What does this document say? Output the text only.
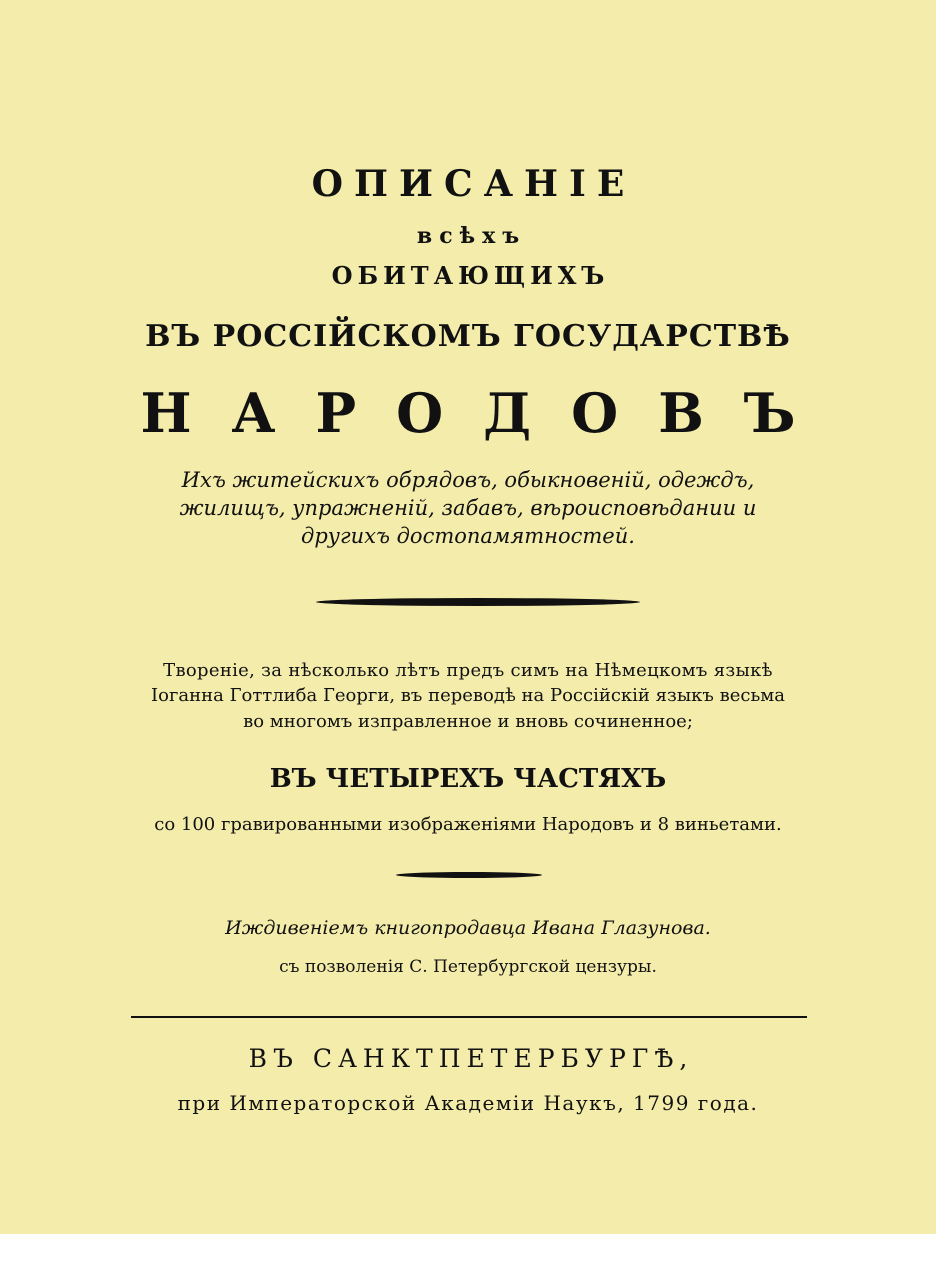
ОПИСАНІЕ
всѣхъ
ОБИТАЮЩИХЪ
ВЪ РОССІЙСКОМЪ ГОСУДАРСТВѢ
НАРОДОВЪ
Ихъ житейскихъ обрядовъ, обыкновеній, одеждъ,
жилищъ, упражненій, забавъ, вѣроисповѣдании и
другихъ достопамятностей.
Твореніе, за нѣсколько лѣтъ предъ симъ на Нѣмецкомъ языкѣ
Іоганна Готтлиба Георги, въ переводѣ на Россійскій языкъ весьма
во многомъ изправленное и вновь сочиненное;
ВЪ ЧЕТЫРЕХЪ ЧАСТЯХЪ
со 100 гравированными изображеніями Народовъ и 8 виньетами.
Иждивеніемъ книгопродавца Ивана Глазунова.
съ позволенія С. Петербургской цензуры.
ВЪ САНКТПЕТЕРБУРГѢ,
при Императорской Академіи Наукъ, 1799 года.
